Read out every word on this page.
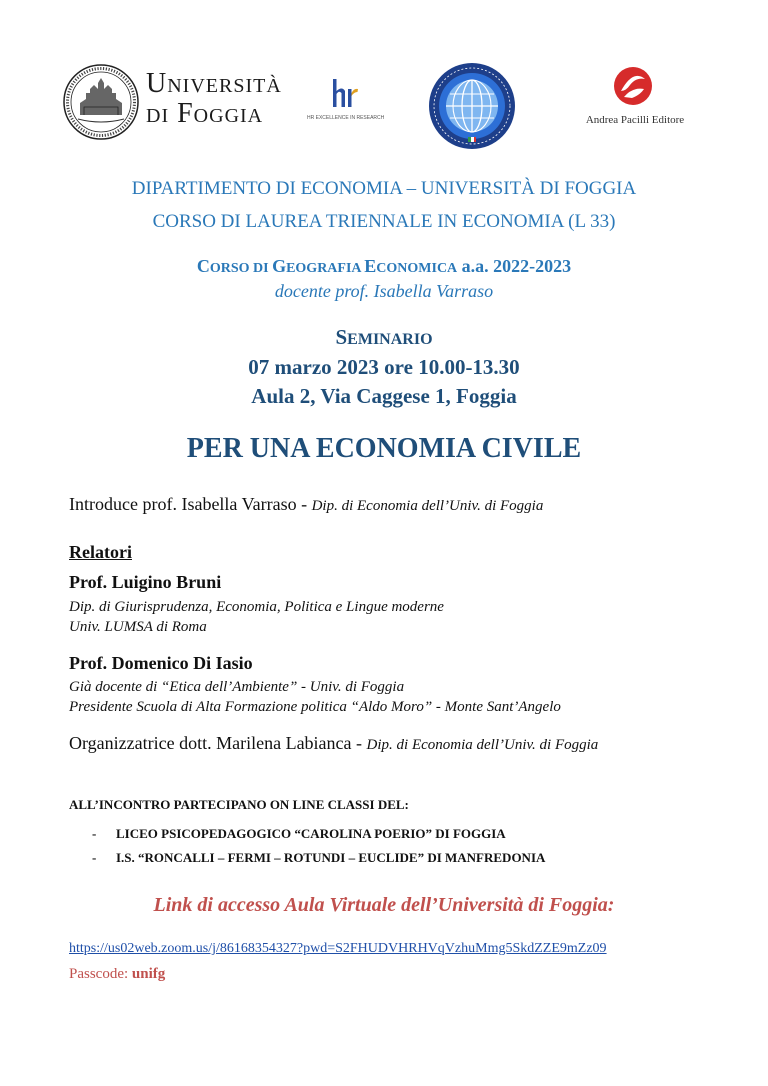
Università
di Foggia	HR EXCELLENCE IN RESEARCH	Andrea Pacilli Editore
DIPARTIMENTO DI ECONOMIA – UNIVERSITÀ DI FOGGIA
CORSO DI LAUREA TRIENNALE IN ECONOMIA (L 33)
CORSO DI GEOGRAFIA ECONOMICA a.a. 2022-2023
docente prof. Isabella Varraso
SEMINARIO
07 marzo 2023 ore 10.00-13.30
Aula 2, Via Caggese 1, Foggia
PER UNA ECONOMIA CIVILE
Introduce prof. Isabella Varraso - Dip. di Economia dell’Univ. di Foggia
Relatori
Prof. Luigino Bruni
Dip. di Giurisprudenza, Economia, Politica e Lingue moderne
Univ. LUMSA di Roma
Prof. Domenico Di Iasio
Già docente di “Etica dell’Ambiente” - Univ. di Foggia
Presidente Scuola di Alta Formazione politica “Aldo Moro” - Monte Sant’Angelo
Organizzatrice dott. Marilena Labianca - Dip. di Economia dell’Univ. di Foggia
ALL’INCONTRO PARTECIPANO ON LINE CLASSI DEL:
- LICEO PSICOPEDAGOGICO “CAROLINA POERIO” DI FOGGIA
- I.S. “RONCALLI – FERMI – ROTUNDI – EUCLIDE” DI MANFREDONIA
Link di accesso Aula Virtuale dell’Università di Foggia:
https://us02web.zoom.us/j/86168354327?pwd=S2FHUDVHRHVqVzhuMmg5SkdZZE9mZz09
Passcode: unifg
